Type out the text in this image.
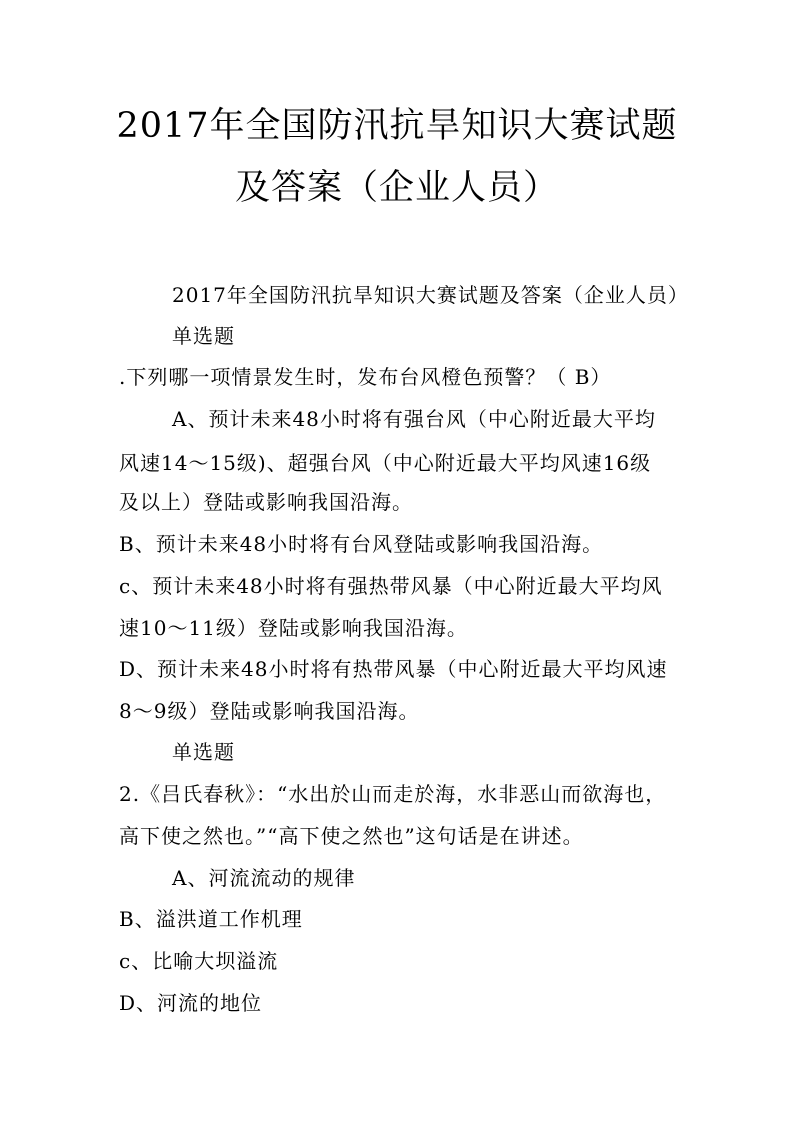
2017年全国防汛抗旱知识大赛试题
及答案（企业人员）
2017年全国防汛抗旱知识大赛试题及答案（企业人员）
单选题
.下列哪一项情景发生时，发布台风橙色预警？（ B）
A、预计未来48小时将有强台风（中心附近最大平均
风速14～15级)、超强台风（中心附近最大平均风速16级
及以上）登陆或影响我国沿海。
B、预计未来48小时将有台风登陆或影响我国沿海。
c、预计未来48小时将有强热带风暴（中心附近最大平均风
速10～11级）登陆或影响我国沿海。
D、预计未来48小时将有热带风暴（中心附近最大平均风速
8～9级）登陆或影响我国沿海。
单选题
2.《吕氏春秋》：“水出於山而走於海，水非恶山而欲海也，
高下使之然也。”“高下使之然也”这句话是在讲述。
A、河流流动的规律
B、溢洪道工作机理
c、比喻大坝溢流
D、河流的地位
